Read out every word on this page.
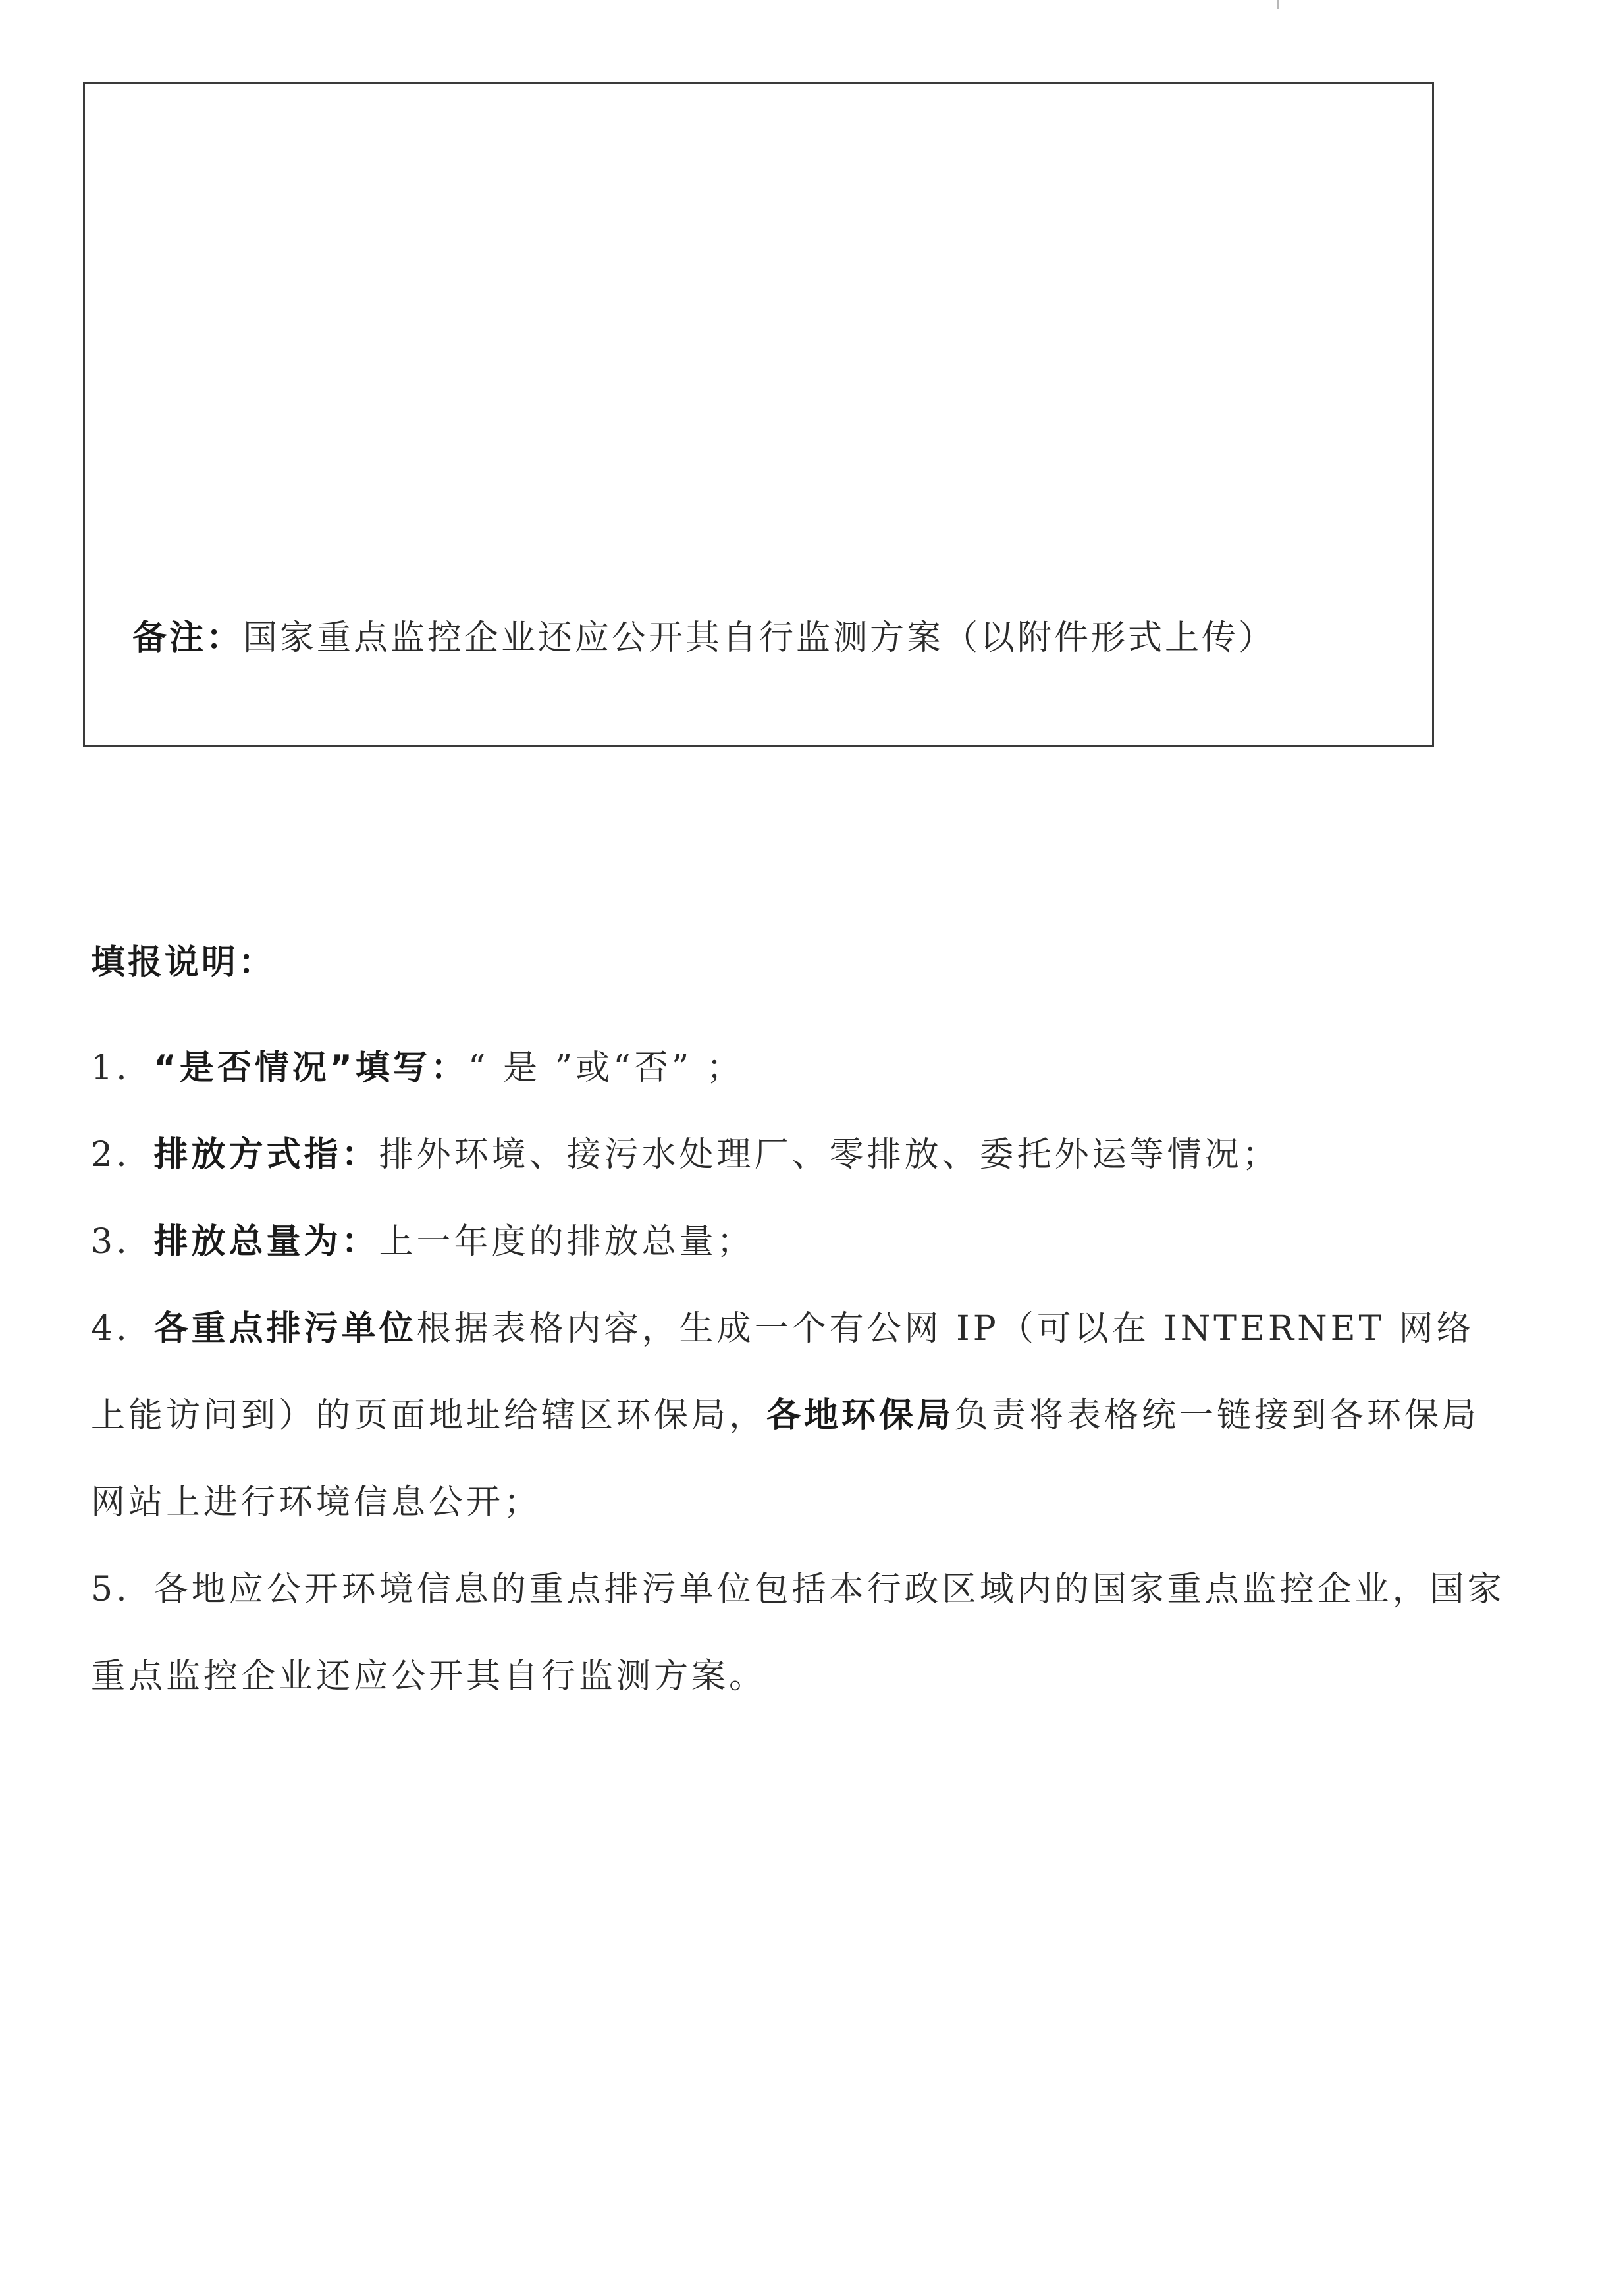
备注：国家重点监控企业还应公开其自行监测方案（以附件形式上传）

填报说明：

1. “是否情况”填写：“ 是 ”或“否” ；

2. 排放方式指：排外环境、接污水处理厂、零排放、委托外运等情况；

3. 排放总量为：上一年度的排放总量；

4. 各重点排污单位根据表格内容，生成一个有公网 IP（可以在 INTERNET 网络上能访问到）的页面地址给辖区环保局，各地环保局负责将表格统一链接到各环保局网站上进行环境信息公开；

5. 各地应公开环境信息的重点排污单位包括本行政区域内的国家重点监控企业，国家重点监控企业还应公开其自行监测方案。
